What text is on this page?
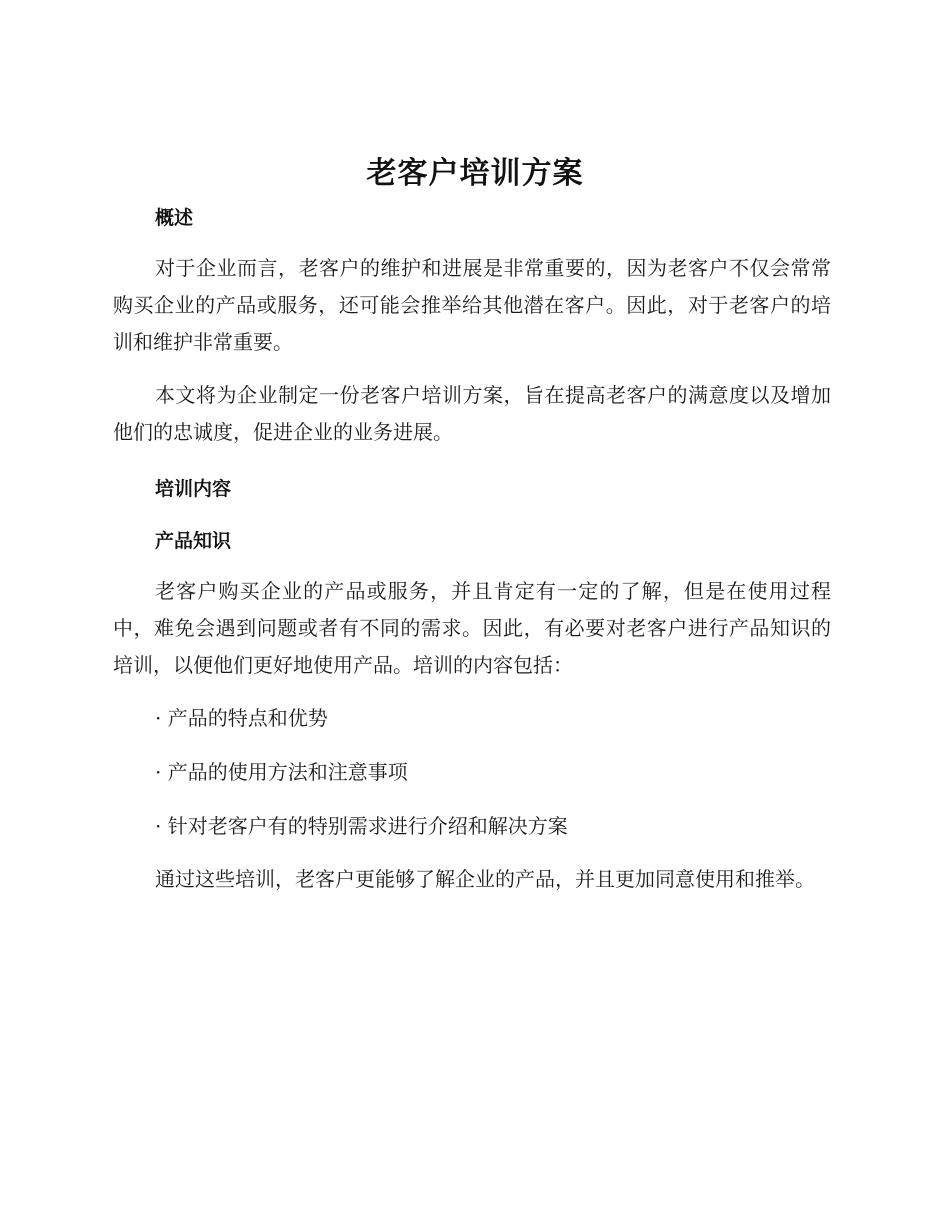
老客户培训方案
概述

对于企业而言，老客户的维护和进展是非常重要的，因为老客户不仅会常常购买企业的产品或服务，还可能会推举给其他潜在客户。因此，对于老客户的培训和维护非常重要。

本文将为企业制定一份老客户培训方案，旨在提高老客户的满意度以及增加他们的忠诚度，促进企业的业务进展。

培训内容
产品知识

老客户购买企业的产品或服务，并且肯定有一定的了解，但是在使用过程中，难免会遇到问题或者有不同的需求。因此，有必要对老客户进行产品知识的培训，以便他们更好地使用产品。培训的内容包括：

· 产品的特点和优势

· 产品的使用方法和注意事项

· 针对老客户有的特别需求进行介绍和解决方案

通过这些培训，老客户更能够了解企业的产品，并且更加同意使用和推举。
